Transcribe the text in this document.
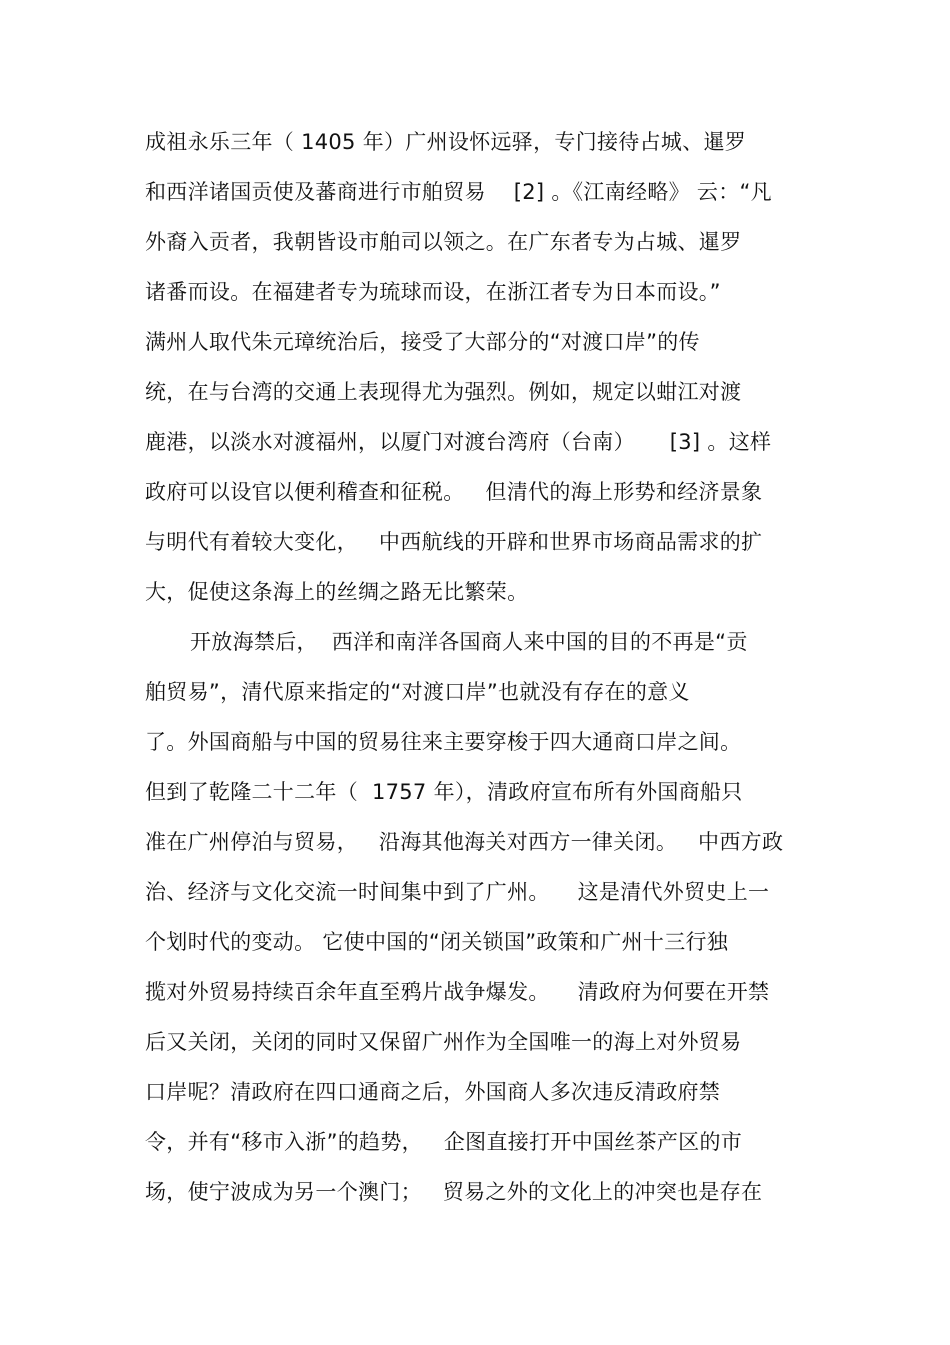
成祖永乐三年（ 1405 年）广州设怀远驿，专门接待占城、暹罗
和西洋诸国贡使及蕃商进行市舶贸易    [2] 。《江南经略》 云：“凡
外裔入贡者，我朝皆设市舶司以领之。在广东者专为占城、暹罗
诸番而设。在福建者专为琉球而设，在浙江者专为日本而设。”
满州人取代朱元璋统治后，接受了大部分的“对渡口岸”的传
统，在与台湾的交通上表现得尤为强烈。例如，规定以蚶江对渡
鹿港，以淡水对渡福州，以厦门对渡台湾府（台南）     [3] 。这样
政府可以设官以便利稽查和征税。   但清代的海上形势和经济景象
与明代有着较大变化，   中西航线的开辟和世界市场商品需求的扩
大，促使这条海上的丝绸之路无比繁荣。
开放海禁后，  西洋和南洋各国商人来中国的目的不再是“贡
舶贸易”，清代原来指定的“对渡口岸”也就没有存在的意义
了。外国商船与中国的贸易往来主要穿梭于四大通商口岸之间。
但到了乾隆二十二年（  1757 年），清政府宣布所有外国商船只
准在广州停泊与贸易，   沿海其他海关对西方一律关闭。   中西方政
治、经济与文化交流一时间集中到了广州。    这是清代外贸史上一
个划时代的变动。 它使中国的“闭关锁国”政策和广州十三行独
揽对外贸易持续百余年直至鸦片战争爆发。    清政府为何要在开禁
后又关闭，关闭的同时又保留广州作为全国唯一的海上对外贸易
口岸呢？清政府在四口通商之后，外国商人多次违反清政府禁
令，并有“移市入浙”的趋势，   企图直接打开中国丝茶产区的市
场，使宁波成为另一个澳门；   贸易之外的文化上的冲突也是存在
